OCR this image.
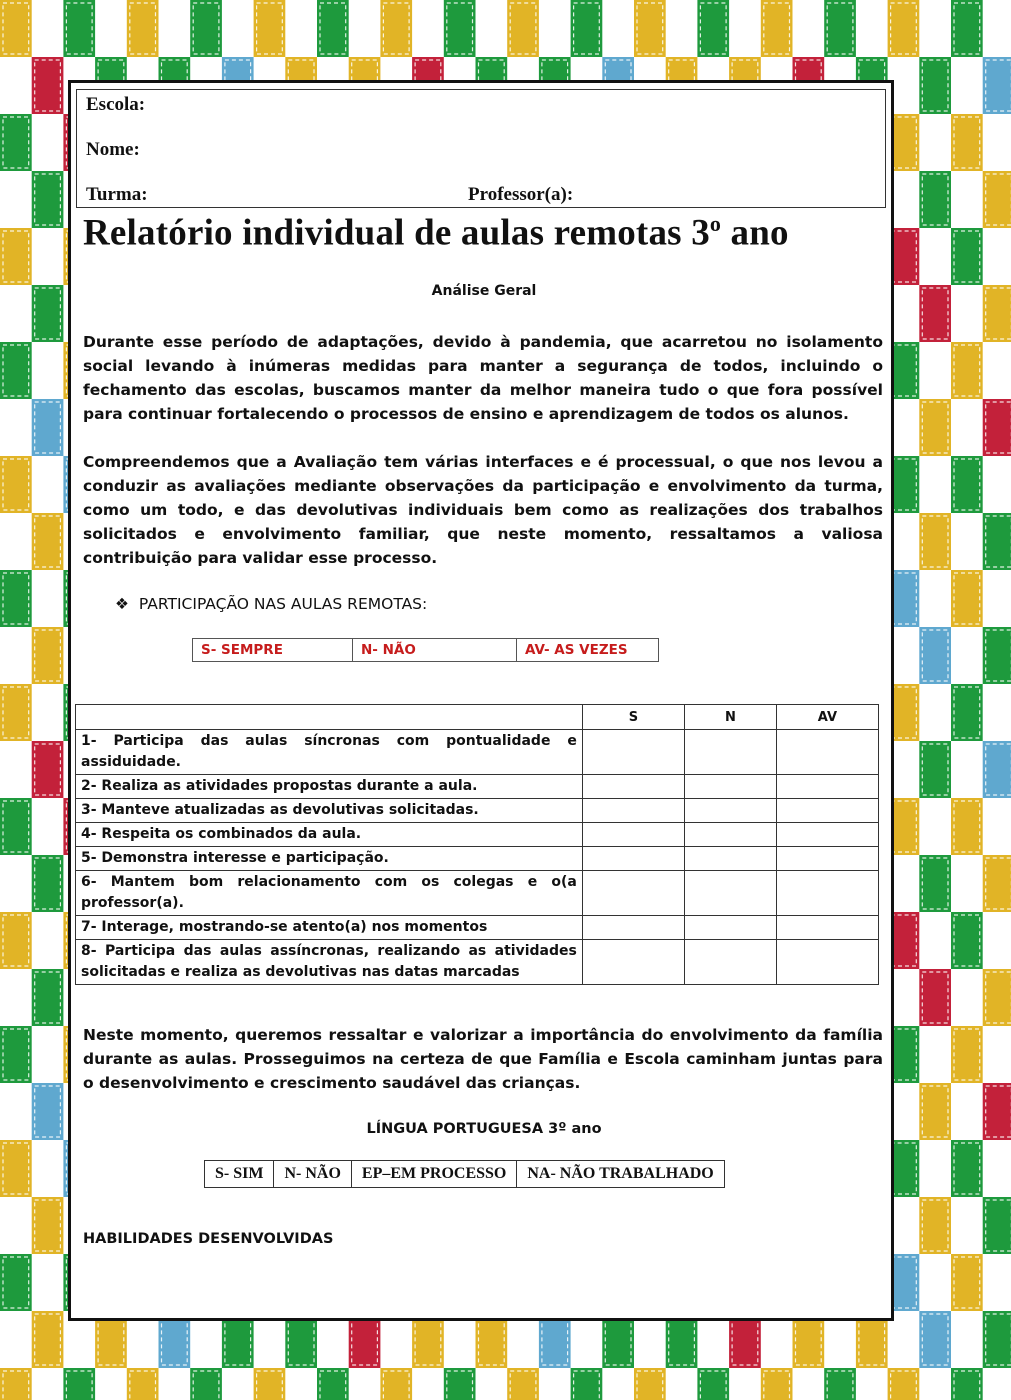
Escola:
Nome:
Turma:	Professor(a):
Relatório individual de aulas remotas 3$^o$ ano
Análise Geral

Durante esse período de adaptações, devido à pandemia, que acarretou no isolamento social levando à inúmeras medidas para manter a segurança de todos, incluindo o fechamento das escolas, buscamos manter da melhor maneira tudo o que fora possível para continuar fortalecendo o processos de ensino e aprendizagem de todos os alunos.

Compreendemos que a Avaliação tem várias interfaces e é processual, o que nos levou a conduzir as avaliações mediante observações da participação e envolvimento da turma, como um todo, e das devolutivas individuais bem como as realizações dos trabalhos solicitados e envolvimento familiar, que neste momento, ressaltamos a valiosa contribuição para validar esse processo.

❖ PARTICIPAÇÃO NAS AULAS REMOTAS:
S- SEMPRE	N- NÃO	AV- AS VEZES
	S	N	AV
1- Participa das aulas síncronas com pontualidade e assiduidade.			
2- Realiza as atividades propostas durante a aula.			
3- Manteve atualizadas as devolutivas solicitadas.			
4- Respeita os combinados da aula.			
5- Demonstra interesse e participação.			
6- Mantem bom relacionamento com os colegas e o(a professor(a).			
7- Interage, mostrando-se atento(a) nos momentos			
8- Participa das aulas assíncronas, realizando as atividades solicitadas e realiza as devolutivas nas datas marcadas			

Neste momento, queremos ressaltar e valorizar a importância do envolvimento da família durante as aulas. Prosseguimos na certeza de que Família e Escola caminham juntas para o desenvolvimento e crescimento saudável das crianças.

LÍNGUA PORTUGUESA 3º ano
S- SIM	N- NÃO	EP–EM PROCESSO	NA- NÃO TRABALHADO
HABILIDADES DESENVOLVIDAS
